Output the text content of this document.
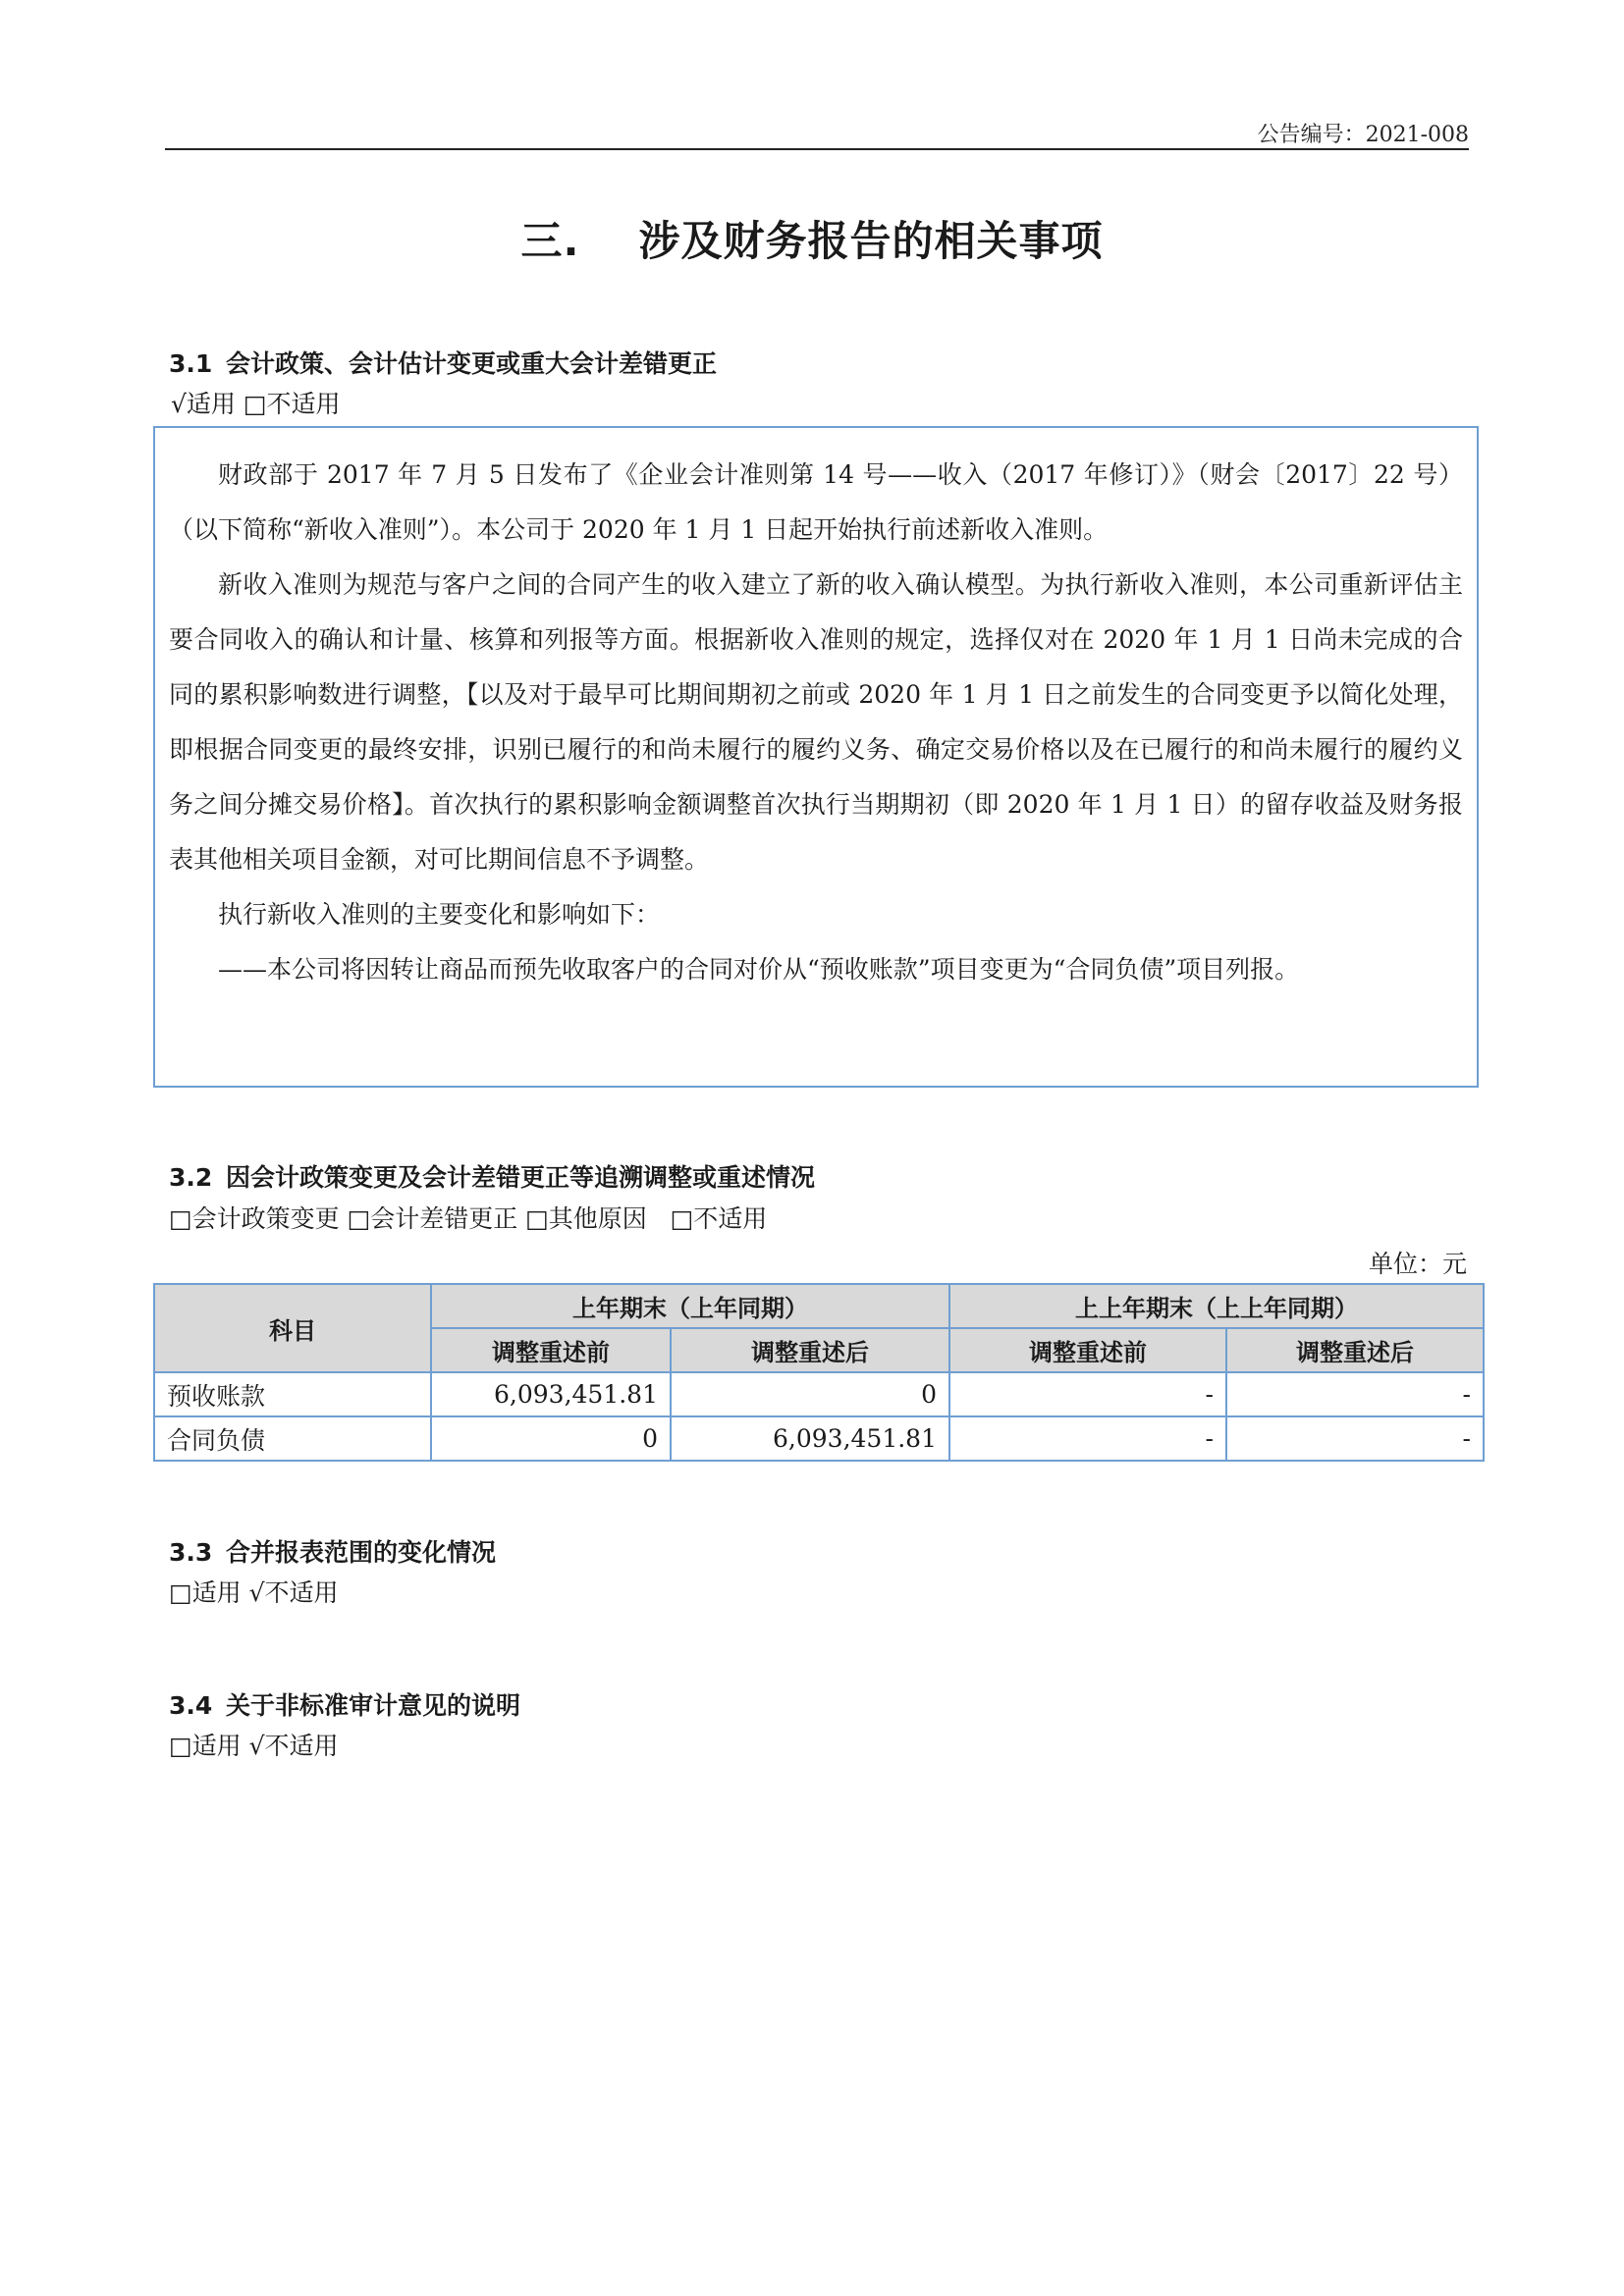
公告编号：2021-008
三. 涉及财务报告的相关事项
3.1 会计政策、会计估计变更或重大会计差错更正
√适用 □不适用

财政部于 2017 年 7 月 5 日发布了《企业会计准则第 14 号——收入（2017 年修订）》（财会〔2017〕22 号）（以下简称“新收入准则”）。本公司于 2020 年 1 月 1 日起开始执行前述新收入准则。

新收入准则为规范与客户之间的合同产生的收入建立了新的收入确认模型。为执行新收入准则，本公司重新评估主要合同收入的确认和计量、核算和列报等方面。根据新收入准则的规定，选择仅对在 2020 年 1 月 1 日尚未完成的合同的累积影响数进行调整，【以及对于最早可比期间期初之前或 2020 年 1 月 1 日之前发生的合同变更予以简化处理，即根据合同变更的最终安排，识别已履行的和尚未履行的履约义务、确定交易价格以及在已履行的和尚未履行的履约义务之间分摊交易价格】。首次执行的累积影响金额调整首次执行当期期初（即 2020 年 1 月 1 日）的留存收益及财务报表其他相关项目金额，对可比期间信息不予调整。

执行新收入准则的主要变化和影响如下：

——本公司将因转让商品而预先收取客户的合同对价从“预收账款”项目变更为“合同负债”项目列报。

3.2 因会计政策变更及会计差错更正等追溯调整或重述情况
□会计政策变更 □会计差错更正 □其他原因   □不适用
单位：元
科目	上年期末（上年同期）		上上年期末（上上年同期）	
	调整重述前	调整重述后	调整重述前	调整重述后
预收账款	6,093,451.81	0	-	-
合同负债	0	6,093,451.81	-	-
3.3 合并报表范围的变化情况
□适用 √不适用
3.4 关于非标准审计意见的说明
□适用 √不适用
